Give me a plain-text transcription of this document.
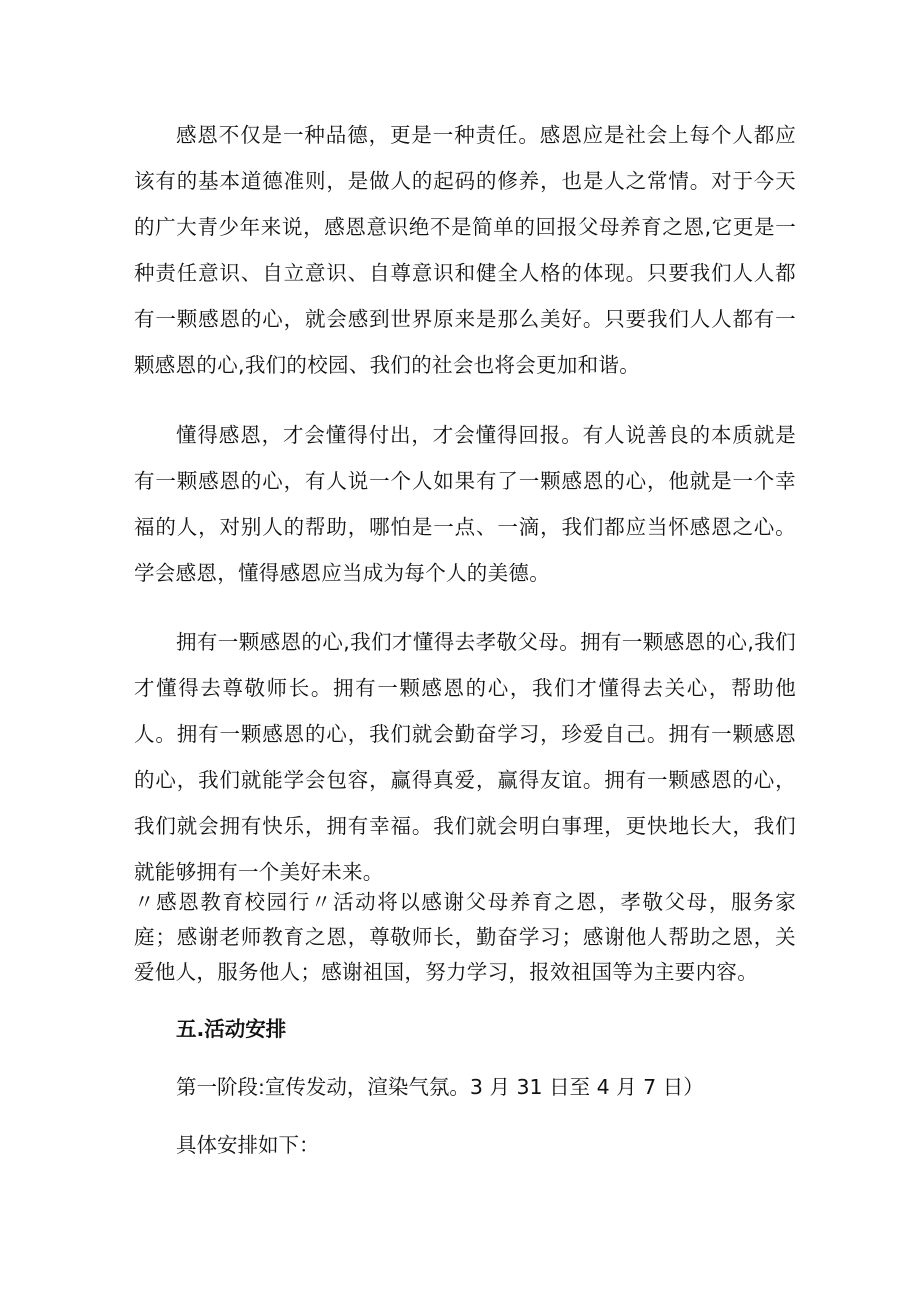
感恩不仅是一种品德，更是一种责任。感恩应是社会上每个人都应该有的基本道德准则，是做人的起码的修养，也是人之常情。对于今天的广大青少年来说，感恩意识绝不是简单的回报父母养育之恩,它更是一种责任意识、自立意识、自尊意识和健全人格的体现。只要我们人人都有一颗感恩的心，就会感到世界原来是那么美好。只要我们人人都有一颗感恩的心,我们的校园、我们的社会也将会更加和谐。

懂得感恩，才会懂得付出，才会懂得回报。有人说善良的本质就是有一颗感恩的心，有人说一个人如果有了一颗感恩的心，他就是一个幸福的人，对别人的帮助，哪怕是一点、一滴，我们都应当怀感恩之心。学会感恩，懂得感恩应当成为每个人的美德。

拥有一颗感恩的心,我们才懂得去孝敬父母。拥有一颗感恩的心,我们才懂得去尊敬师长。拥有一颗感恩的心，我们才懂得去关心，帮助他人。拥有一颗感恩的心，我们就会勤奋学习，珍爱自己。拥有一颗感恩的心，我们就能学会包容，赢得真爱，赢得友谊。拥有一颗感恩的心，我们就会拥有快乐，拥有幸福。我们就会明白事理，更快地长大，我们就能够拥有一个美好未来。

〃感恩教育校园行〃活动将以感谢父母养育之恩，孝敬父母，服务家庭；感谢老师教育之恩，尊敬师长，勤奋学习；感谢他人帮助之恩，关爱他人，服务他人；感谢祖国，努力学习，报效祖国等为主要内容。

五.活动安排

第一阶段:宣传发动，渲染气氛。3 月 31 日至 4 月 7 日）

具体安排如下：
